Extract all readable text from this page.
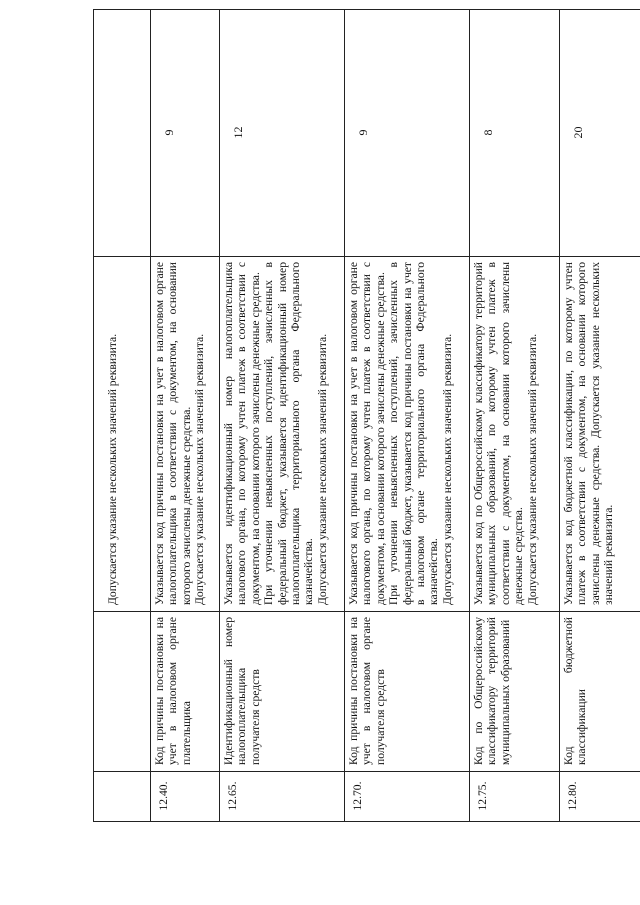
		Допускается указание нескольких значений реквизита.	

12.40.	Код причины постановки на учет в налоговом органе плательщика	Указывается код причины постановки на учет в налоговом органе налогоплательщика в соответствии с документом, на основании которого зачислены денежные средства. Допускается указание нескольких значений реквизита.	9
12.65.	Идентификационный номер налогоплательщика получателя средств	Указывается идентификационный номер налогоплательщика налогового органа, по которому учтен платеж в соответствии с документом, на основании которого зачислены денежные средства. При уточнении невыясненных поступлений, зачисленных в федеральный бюджет, указывается идентификационный номер налогоплательщика территориального органа Федерального казначейства. Допускается указание нескольких значений реквизита.	12
12.70.	Код причины постановки на учет в налоговом органе получателя средств	Указывается код причины постановки на учет в налоговом органе налогового органа, по которому учтен платеж в соответствии с документом, на основании которого зачислены денежные средства. При уточнении невыясненных поступлений, зачисленных в федеральный бюджет, указывается код причины постановки на учет в налоговом органе территориального органа Федерального казначейства. Допускается указание нескольких значений реквизита.	9
12.75.	Код по Общероссийскому классификатору территорий муниципальных образований	Указывается код по Общероссийскому классификатору территорий муниципальных образований, по которому учтен платеж в соответствии с документом, на основании которого зачислены денежные средства. Допускается указание нескольких значений реквизита.	8
12.80.	Код бюджетной классификации	Указывается код бюджетной классификации, по которому учтен платеж в соответствии с документом, на основании которого зачислены денежные средства. Допускается указание нескольких значений реквизита.	20
